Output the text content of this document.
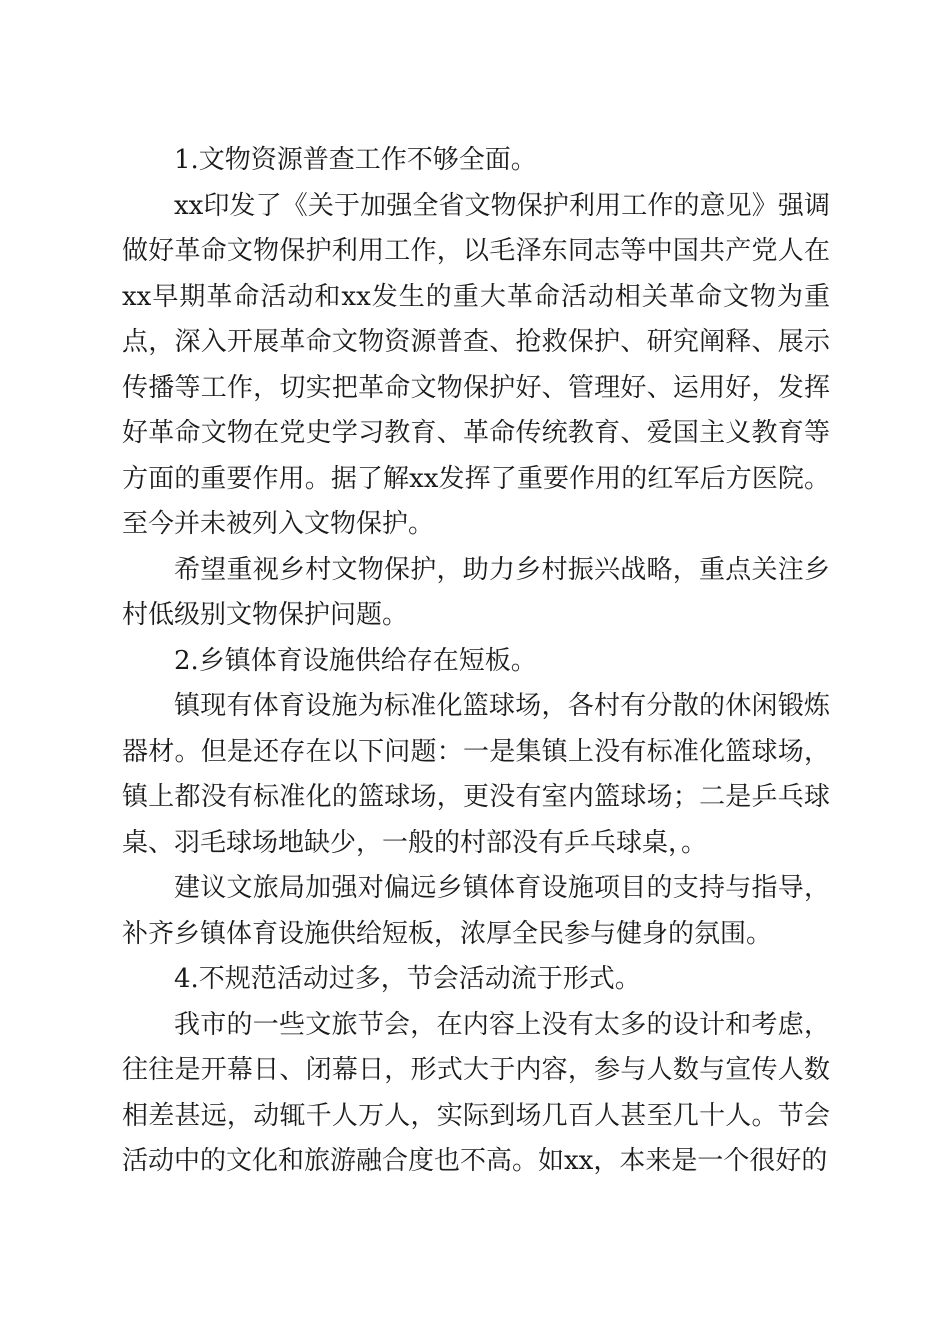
1.文物资源普查工作不够全面。

xx印发了《关于加强全省文物保护利用工作的意见》强调做好革命文物保护利用工作，以毛泽东同志等中国共产党人在xx早期革命活动和xx发生的重大革命活动相关革命文物为重点，深入开展革命文物资源普查、抢救保护、研究阐释、展示传播等工作，切实把革命文物保护好、管理好、运用好，发挥好革命文物在党史学习教育、革命传统教育、爱国主义教育等方面的重要作用。据了解xx发挥了重要作用的红军后方医院。至今并未被列入文物保护。

希望重视乡村文物保护，助力乡村振兴战略，重点关注乡村低级别文物保护问题。

2.乡镇体育设施供给存在短板。

镇现有体育设施为标准化篮球场，各村有分散的休闲锻炼器材。但是还存在以下问题：一是集镇上没有标准化篮球场，镇上都没有标准化的篮球场，更没有室内篮球场；二是乒乓球桌、羽毛球场地缺少，一般的村部没有乒乓球桌，。

建议文旅局加强对偏远乡镇体育设施项目的支持与指导，补齐乡镇体育设施供给短板，浓厚全民参与健身的氛围。

4.不规范活动过多，节会活动流于形式。

我市的一些文旅节会，在内容上没有太多的设计和考虑，往往是开幕日、闭幕日，形式大于内容，参与人数与宣传人数相差甚远，动辄千人万人，实际到场几百人甚至几十人。节会活动中的文化和旅游融合度也不高。如xx，本来是一个很好的
